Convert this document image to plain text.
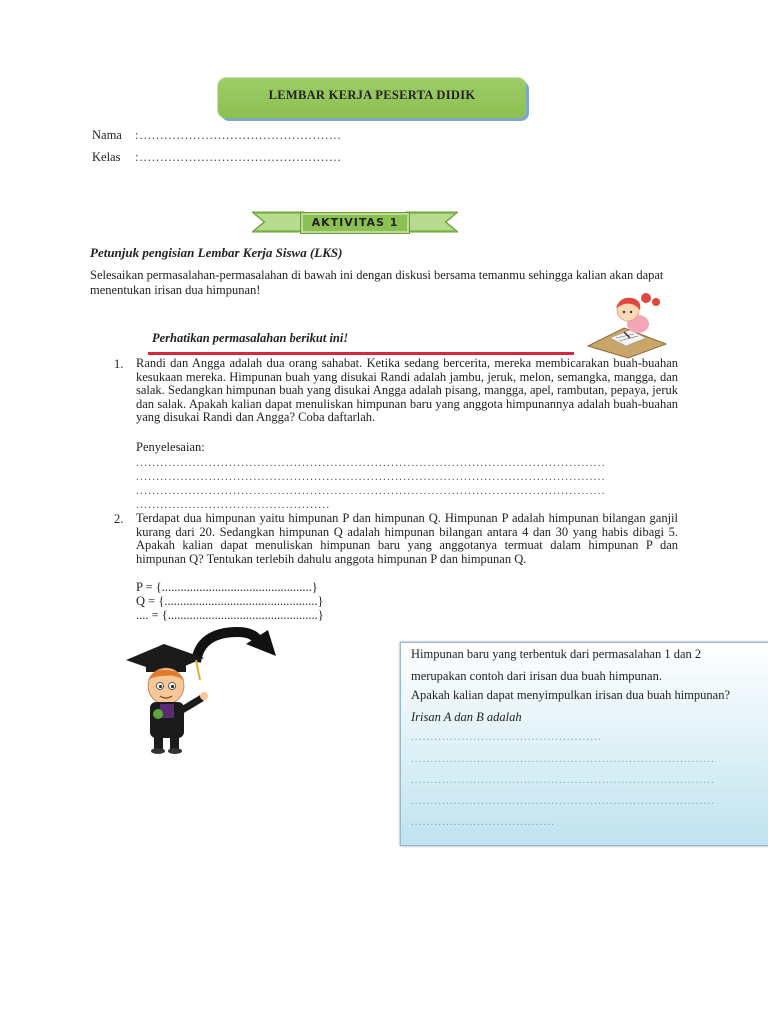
LEMBAR KERJA PESERTA DIDIK
Nama :.................................................
Kelas :.................................................
AKTIVITAS 1
Petunjuk pengisian Lembar Kerja Siswa (LKS)
Selesaikan permasalahan-permasalahan di bawah ini dengan diskusi bersama temanmu sehingga kalian akan dapat menentukan irisan dua himpunan!
Perhatikan permasalahan berikut ini!
1. Randi dan Angga adalah dua orang sahabat. Ketika sedang bercerita, mereka membicarakan buah-buahan kesukaan mereka. Himpunan buah yang disukai Randi adalah jambu, jeruk, melon, semangka, mangga, dan salak. Sedangkan himpunan buah yang disukai Angga adalah pisang, mangga, apel, rambutan, pepaya, jeruk dan salak. Apakah kalian dapat menuliskan himpunan baru yang anggota himpunannya adalah buah-buahan yang disukai Randi dan Angga? Coba daftarlah.
Penyelesaian:
....................................................................................................................
....................................................................................................................
....................................................................................................................
................................................
2. Terdapat dua himpunan yaitu himpunan P dan himpunan Q. Himpunan P adalah himpunan bilangan ganjil kurang dari 20. Sedangkan himpunan Q adalah himpunan bilangan antara 4 dan 30 yang habis dibagi 5. Apakah kalian dapat menuliskan himpunan baru yang anggotanya termuat dalam himpunan P dan himpunan Q? Tentukan terlebih dahulu anggota himpunan P dan himpunan Q.
P = {................................................}
Q = {.................................................}
.... = {................................................}

Himpunan baru yang terbentuk dari permasalahan 1 dan 2

merupakan contoh dari irisan dua buah himpunan.

Apakah kalian dapat menyimpulkan irisan dua buah himpunan?

Irisan A dan B adalah

.................................................

..............................................................................

..............................................................................

..............................................................................

.....................................
